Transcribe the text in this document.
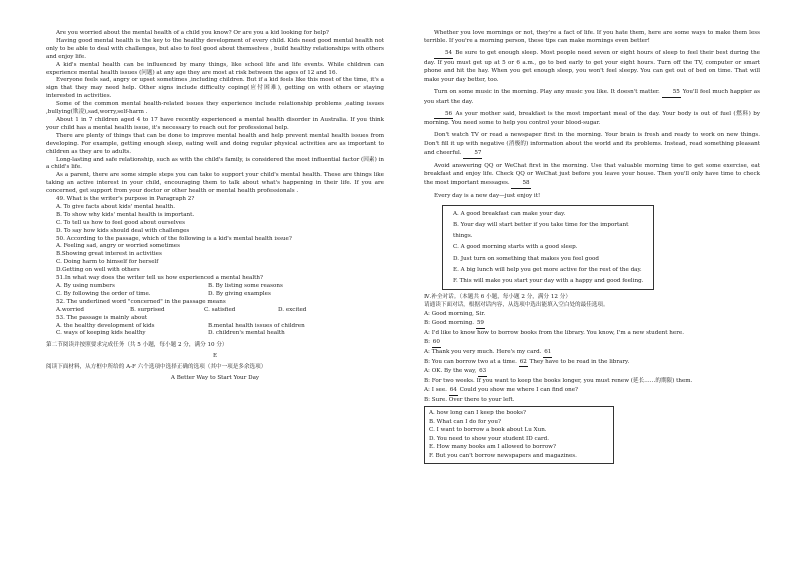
Are you worried about the mental health of a child you know? Or are you a kid looking for help?

Having good mental health is the key to the healthy development of every child. Kids need good mental health not only to be able to deal with challenges, but also to feel good about themselves , build healthy relationships with others and enjoy life.

A kid's mental health can be influenced by many things, like school life and life events. While children can experience mental health issues (问题) at any age they are most at risk between the ages of 12 and 16.

Everyone feels sad, angry or upset sometimes ,including children. But if a kid feels like this most of the time, it's a sign that they may need help. Other signs include difficulty coping(应付困难), getting on with others or staying interested in activities.

Some of the common mental health-related issues they experience include relationship problems ,eating issues ,bullying(欺凌),sad,worry,self-harm .

About 1 in 7 children aged 4 to 17 have recently experienced a mental health disorder in Australia. If you think your child has a mental health issue, it's necessary to reach out for professional help.

There are plenty of things that can be done to improve mental health and help prevent mental health issues from developing. For example, getting enough sleep, eating well and doing regular physical activities are as important to children as they are to adults.

Long-lasting and safe relationship, such as with the child's family, is considered the most influential factor (因素) in a child's life.

As a parent, there are some simple steps you can take to support your child's mental health. These are things like taking an active interest in your child, encouraging them to talk about what's happening in their life. If you are concerned, get support from your doctor or other health or mental health professionals .

49. What is the writer's purpose in Paragraph 2?
A. To give facts about kids' mental health.
B. To show why kids' mental health is important.
C. To tell us how to feel good about ourselves
D. To say how kids should deal with challenges
50. According to the passage, which of the following is a kid's mental health issue?
A. Feeling sad, angry or worried sometimes
B.Showing great interest in activities
C. Doing harm to himself for herself
D.Getting on well with others
51.In what way does the writer tell us how experienced a mental health?
A. By using numbers	B. By listing some reasons
C. By following the order of time.	D. By giving examples
52. The underlined word "concerned" in the passage means
A.worried	B. surprised	C. satisfied	D. excited
53. The passage is mainly about
A. the healthy development of kids	B.mental health issues of children
C. ways of keeping kids healthy	D. children's mental health
第二节阅读并按照要求完成任务（共 5 小题，每小题 2 分，满分 10 分）
E
阅读下面材料，从方框中所给的 A-F 六个选项中选择正确的选项（其中一项是多余选项）
A Better Way to Start Your Day

Whether you love mornings or not, they're a fact of life. If you hate them, here are some ways to make them less terrible. If you're a morning person, these tips can make mornings even better!

54 Be sure to get enough sleep. Most people need seven or eight hours of sleep to feel their best during the day. If you must get up at 5 or 6 a.m., go to bed early to get your eight hours. Turn off the TV, computer or smart phone and hit the hay. When you get enough sleep, you won't feel sleepy. You can get out of bed on time. That will make your day better, too.

Turn on some music in the morning. Play any music you like. It doesn't matter. 55 You'll feel much happier as you start the day.

56 As your mother said, breakfast is the most important meal of the day. Your body is out of fuel (燃料) by morning. You need some to help you control your blood-sugar.

Don't watch TV or read a newspaper first in the morning. Your brain is fresh and ready to work on new things. Don't fill it up with negative (消极的) information about the world and its problems. Instead, read something pleasant and cheerful. 57

Avoid answering QQ or WeChat first in the morning. Use that valuable morning time to get some exercise, eat breakfast and enjoy life. Check QQ or WeChat just before you leave your house. Then you'll only have time to check the most important messages. 58

Every day is a new day—just enjoy it!

A. A good breakfast can make your day.
B. Your day will start better if you take time for the important things.
C. A good morning starts with a good sleep.
D. Just turn on something that makes you feel good
E. A big lunch will help you get more active for the rest of the day.
F. This will make you start your day with a happy and good feeling.
Ⅳ.补全对话。（本题共 6 小题，每小题 2 分，满分 12 分）
请通读下面对话，根据对话内容，从选项中选出能填入空白处的最佳选项。
A: Good morning, Sir.
B: Good morning. 59
A: I'd like to know how to borrow books from the library. You know, I'm a new student here.
B: 60
A: Thank you very much. Here's my card. 61
B: You can borrow two at a time. 62 They have to be read in the library.
A: OK. By the way, 63
B: For two weeks. If you want to keep the books longer, you must renew (延长……的期限) them.
A: I see. 64 Could you show me where I can find one?
B: Sure. Over there to your left.
A. how long can I keep the books?
B. What can I do for you?
C. I want to borrow a book about Lu Xun.
D. You need to show your student ID card.
E. How many books am I allowed to borrow?
F. But you can't borrow newspapers and magazines.
